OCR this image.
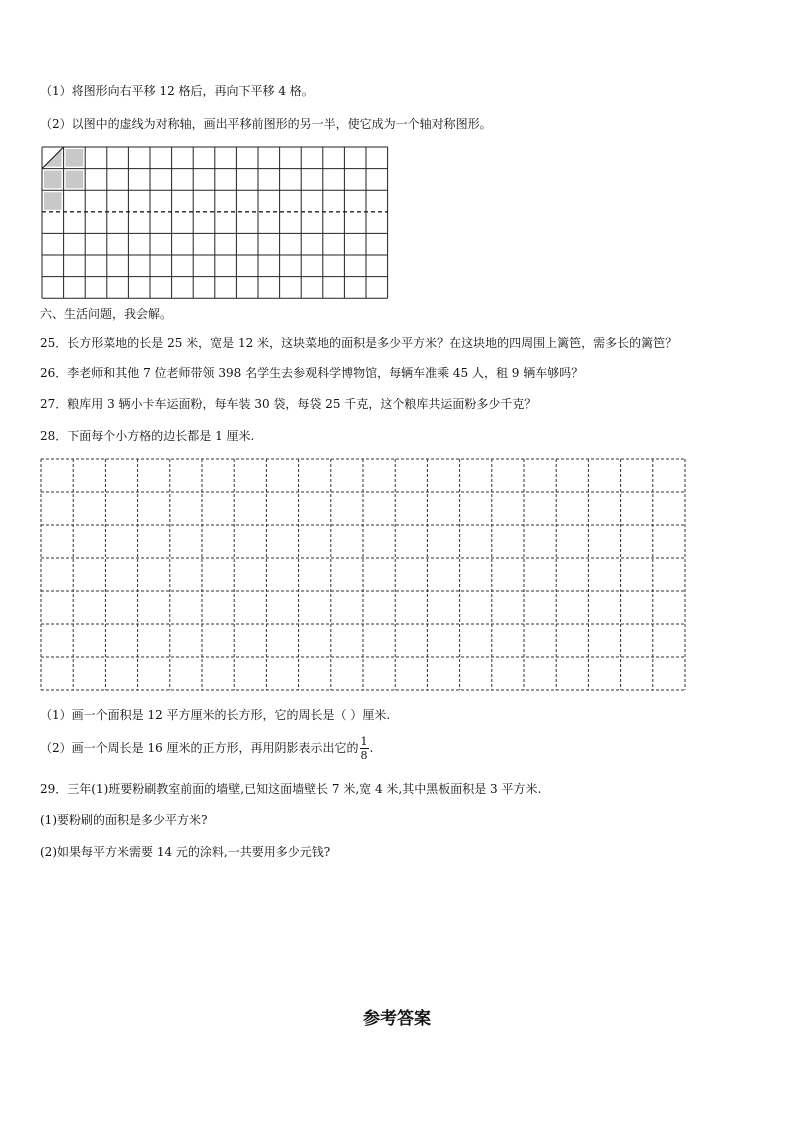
（1）将图形向右平移 12 格后，再向下平移 4 格。
（2）以图中的虚线为对称轴，画出平移前图形的另一半，使它成为一个轴对称图形。
六、生活问题，我会解。
25．长方形菜地的长是 25 米，宽是 12 米，这块菜地的面积是多少平方米？在这块地的四周围上篱笆，需多长的篱笆？
26．李老师和其他 7 位老师带领 398 名学生去参观科学博物馆，每辆车准乘 45 人，租 9 辆车够吗？
27．粮库用 3 辆小卡车运面粉，每车装 30 袋，每袋 25 千克，这个粮库共运面粉多少千克？
28．下面每个小方格的边长都是 1 厘米.
（1）画一个面积是 12 平方厘米的长方形，它的周长是（ ）厘米.
（2）画一个周长是 16 厘米的正方形，再用阴影表示出它的 $\frac{1}{8}$ .
29．三年(1)班要粉刷教室前面的墙壁,已知这面墙壁长 7 米,宽 4 米,其中黑板面积是 3 平方米.
(1)要粉刷的面积是多少平方米?
(2)如果每平方米需要 14 元的涂料,一共要用多少元钱?
参考答案
